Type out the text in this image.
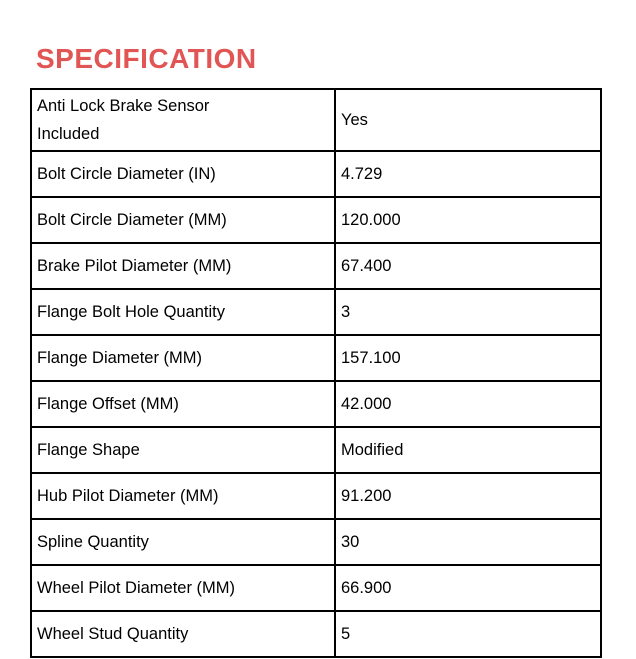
SPECIFICATION
Anti Lock Brake Sensor Included	Yes
Bolt Circle Diameter (IN)	4.729
Bolt Circle Diameter (MM)	120.000
Brake Pilot Diameter (MM)	67.400
Flange Bolt Hole Quantity	3
Flange Diameter (MM)	157.100
Flange Offset (MM)	42.000
Flange Shape	Modified
Hub Pilot Diameter (MM)	91.200
Spline Quantity	30
Wheel Pilot Diameter (MM)	66.900
Wheel Stud Quantity	5
